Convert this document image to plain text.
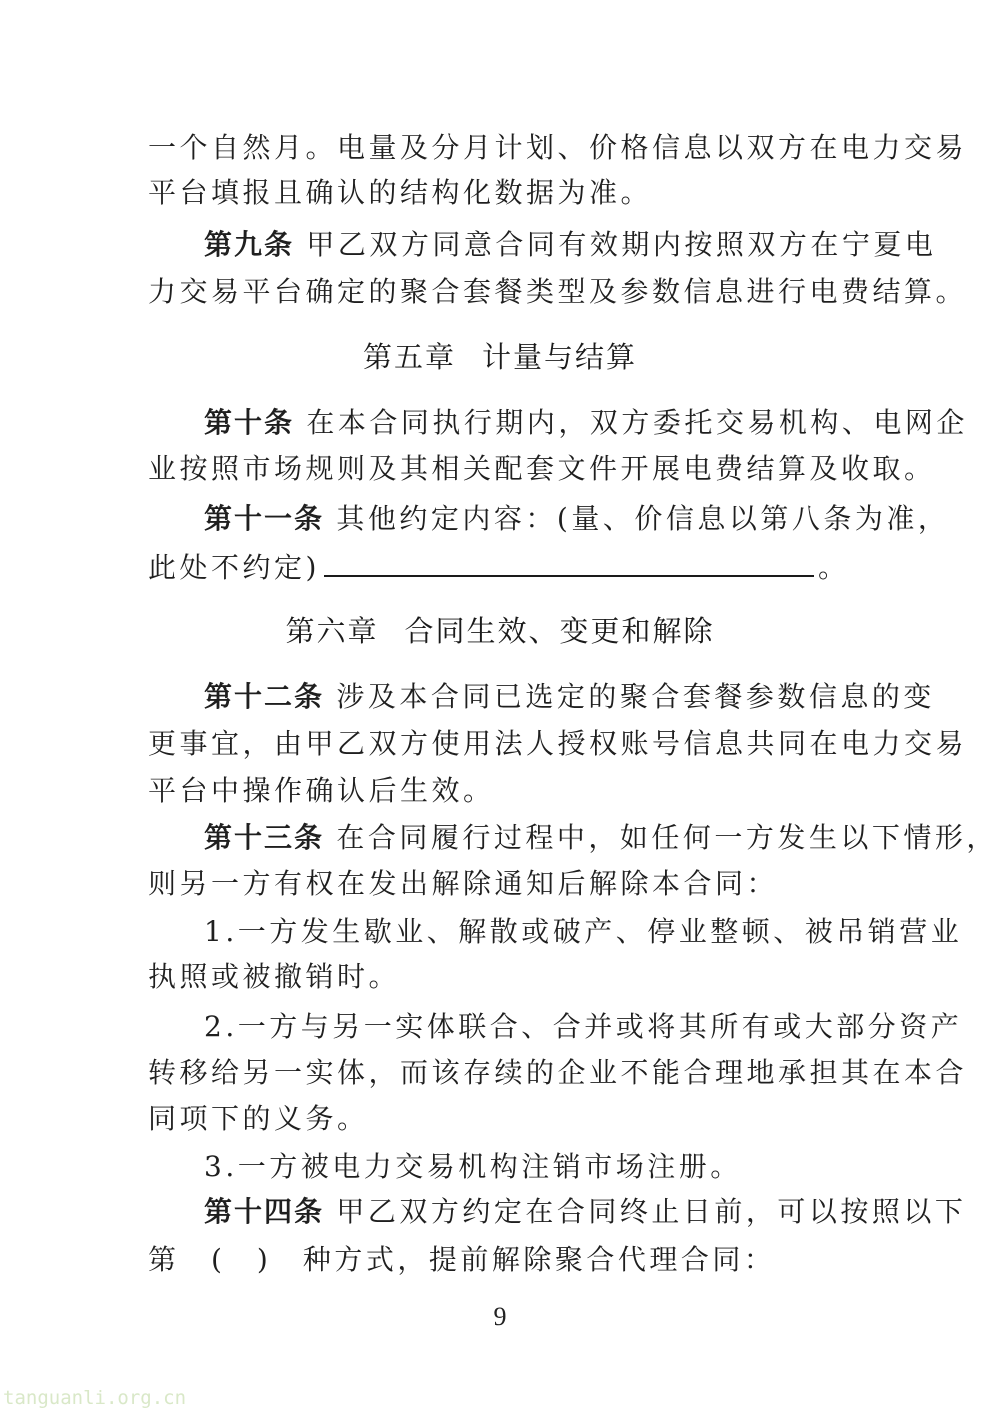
一个自然月。电量及分月计划、价格信息以双方在电力交易
平台填报且确认的结构化数据为准。
第九条 甲乙双方同意合同有效期内按照双方在宁夏电
力交易平台确定的聚合套餐类型及参数信息进行电费结算。
第五章 计量与结算
第十条 在本合同执行期内，双方委托交易机构、电网企
业按照市场规则及其相关配套文件开展电费结算及收取。
第十一条 其他约定内容：(量、价信息以第八条为准，
此处不约定)	。
第六章 合同生效、变更和解除
第十二条 涉及本合同已选定的聚合套餐参数信息的变
更事宜，由甲乙双方使用法人授权账号信息共同在电力交易
平台中操作确认后生效。
第十三条 在合同履行过程中，如任何一方发生以下情形，
则另一方有权在发出解除通知后解除本合同：
1.一方发生歇业、解散或破产、停业整顿、被吊销营业
执照或被撤销时。
2.一方与另一实体联合、合并或将其所有或大部分资产
转移给另一实体，而该存续的企业不能合理地承担其在本合
同项下的义务。
3.一方被电力交易机构注销市场注册。
第十四条 甲乙双方约定在合同终止日前，可以按照以下
第　(　)　种方式，提前解除聚合代理合同：
9
tanguanli.org.cn
